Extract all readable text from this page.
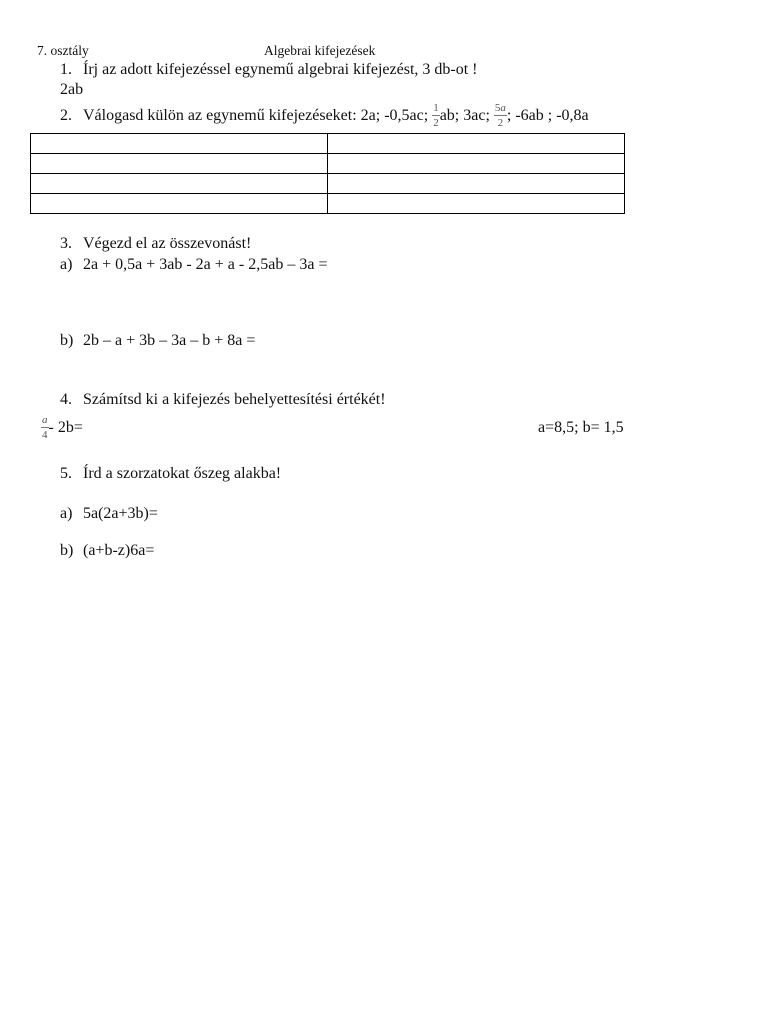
7. osztály	Algebrai kifejezések
1. Írj az adott kifejezéssel egynemű algebrai kifejezést, 3 db-ot !
2ab
2. Válogasd külön az egynemű kifejezéseket: 2a; -0,5ac; $\frac{1}{2}$ ab; 3ac; $\frac{5a}{2}$ ; -6ab ; -0,8a

3. Végezd el az összevonást!
a) 2a + 0,5a + 3ab - 2a + a - 2,5ab – 3a =
b) 2b – a + 3b – 3a – b + 8a =
4. Számítsd ki a kifejezés behelyettesítési értékét!
$\frac{a}{4} - 2b=$	a=8,5; b= 1,5
5. Írd a szorzatokat őszeg alakba!
a) 5a(2a+3b)=
b) (a+b-z)6a=
